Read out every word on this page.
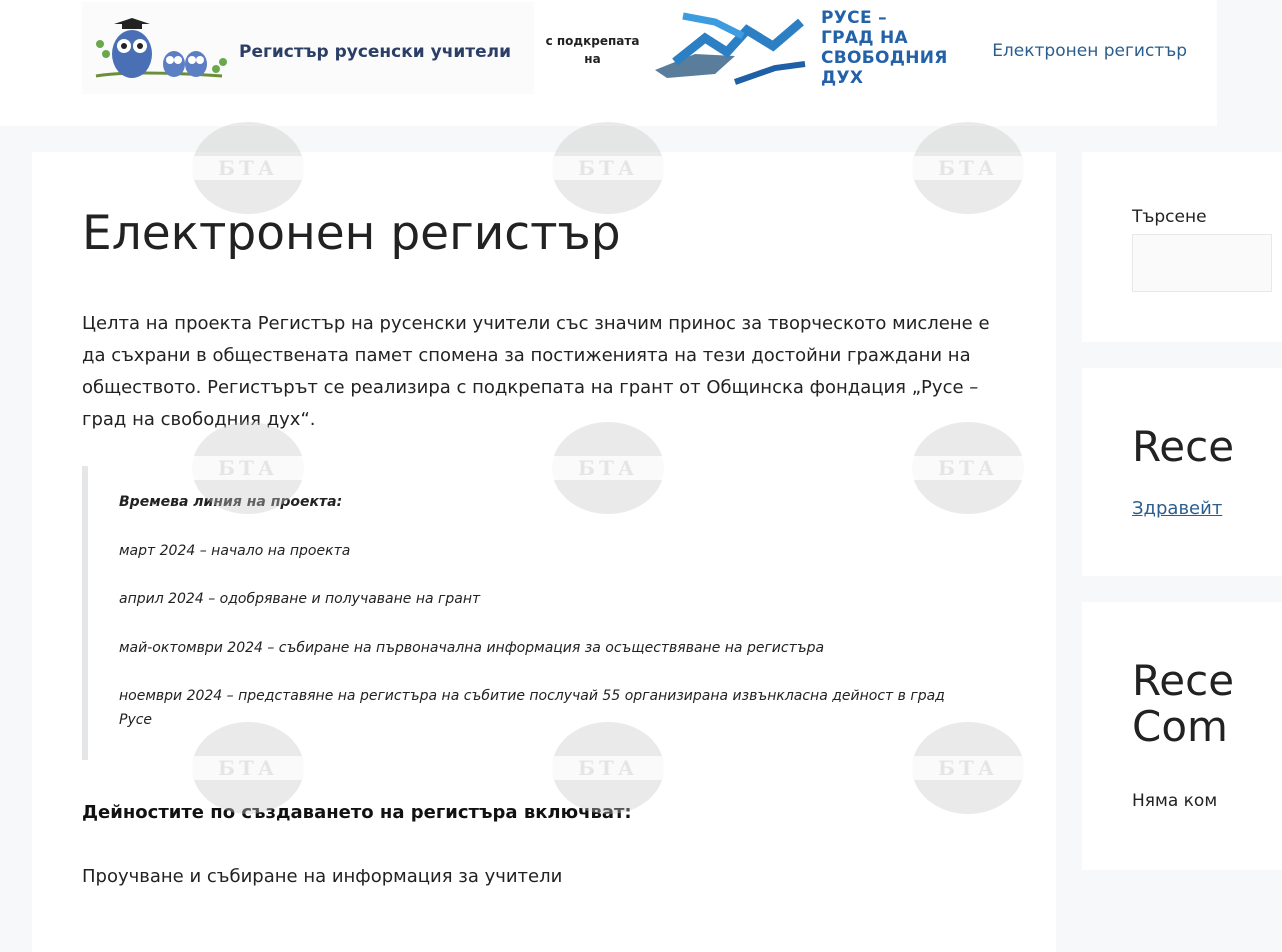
Регистър русенски учители
с подкрепата
на
РУСЕ –
ГРАД НА
СВОБОДНИЯ
ДУХ
Електронен регистър
Електронен регистър

Целта на проекта Регистър на русенски учители със значим принос за творческото мислене е да съхрани в обществената памет спомена за постиженията на тези достойни граждани на обществото. Регистърът се реализира с подкрепата на грант от Общинска фондация „Русе – град на свободния дух“.

Времева линия на проекта:

март 2024 – начало на проекта

април 2024 – одобряване и получаване на грант

май-октомври 2024 – събиране на първоначална информация за осъществяване на регистъра

ноември 2024 – представяне на регистъра на събитие послучай 55 организирана извънкласна дейност в град Русе

Дейностите по създаването на регистъра включват:

Проучване и събиране на информация за учители

Търсене
Rece
Здравейт
Rece
Com

Няма ком

БТА	БТА	БТА
БТА	БТА	БТА
БТА	БТА	БТА
